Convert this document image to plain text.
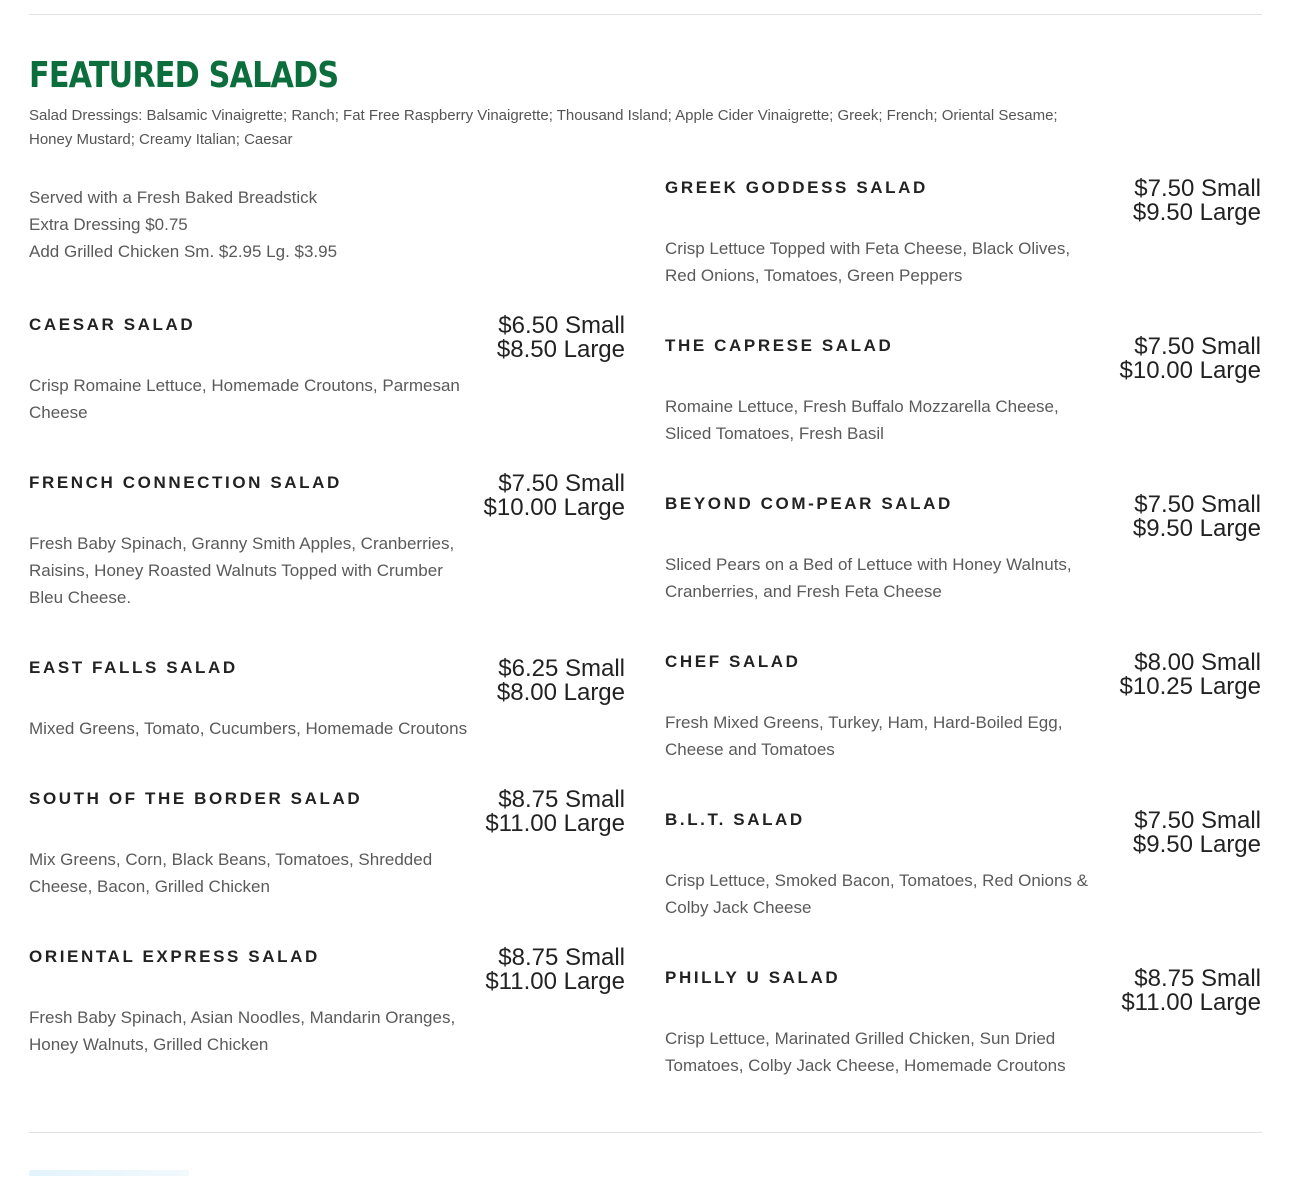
FEATURED SALADS

Salad Dressings: Balsamic Vinaigrette; Ranch; Fat Free Raspberry Vinaigrette; Thousand Island; Apple Cider Vinaigrette; Greek; French; Oriental Sesame; Honey Mustard; Creamy Italian; Caesar

Served with a Fresh Baked Breadstick
Extra Dressing $0.75
Add Grilled Chicken Sm. $2.95 Lg. $3.95
CAESAR SALAD	$6.50 Small
$8.50 Large

Crisp Romaine Lettuce, Homemade Croutons, Parmesan Cheese

FRENCH CONNECTION SALAD	$7.50 Small
$10.00 Large

Fresh Baby Spinach, Granny Smith Apples, Cranberries, Raisins, Honey Roasted Walnuts Topped with Crumber Bleu Cheese.

EAST FALLS SALAD	$6.25 Small
$8.00 Large

Mixed Greens, Tomato, Cucumbers, Homemade Croutons

SOUTH OF THE BORDER SALAD	$8.75 Small
$11.00 Large

Mix Greens, Corn, Black Beans, Tomatoes, Shredded Cheese, Bacon, Grilled Chicken

ORIENTAL EXPRESS SALAD	$8.75 Small
$11.00 Large

Fresh Baby Spinach, Asian Noodles, Mandarin Oranges, Honey Walnuts, Grilled Chicken

GREEK GODDESS SALAD	$7.50 Small
$9.50 Large

Crisp Lettuce Topped with Feta Cheese, Black Olives, Red Onions, Tomatoes, Green Peppers

THE CAPRESE SALAD	$7.50 Small
$10.00 Large

Romaine Lettuce, Fresh Buffalo Mozzarella Cheese, Sliced Tomatoes, Fresh Basil

BEYOND COM-PEAR SALAD	$7.50 Small
$9.50 Large

Sliced Pears on a Bed of Lettuce with Honey Walnuts, Cranberries, and Fresh Feta Cheese

CHEF SALAD	$8.00 Small
$10.25 Large

Fresh Mixed Greens, Turkey, Ham, Hard-Boiled Egg, Cheese and Tomatoes

B.L.T. SALAD	$7.50 Small
$9.50 Large

Crisp Lettuce, Smoked Bacon, Tomatoes, Red Onions & Colby Jack Cheese

PHILLY U SALAD	$8.75 Small
$11.00 Large

Crisp Lettuce, Marinated Grilled Chicken, Sun Dried Tomatoes, Colby Jack Cheese, Homemade Croutons
